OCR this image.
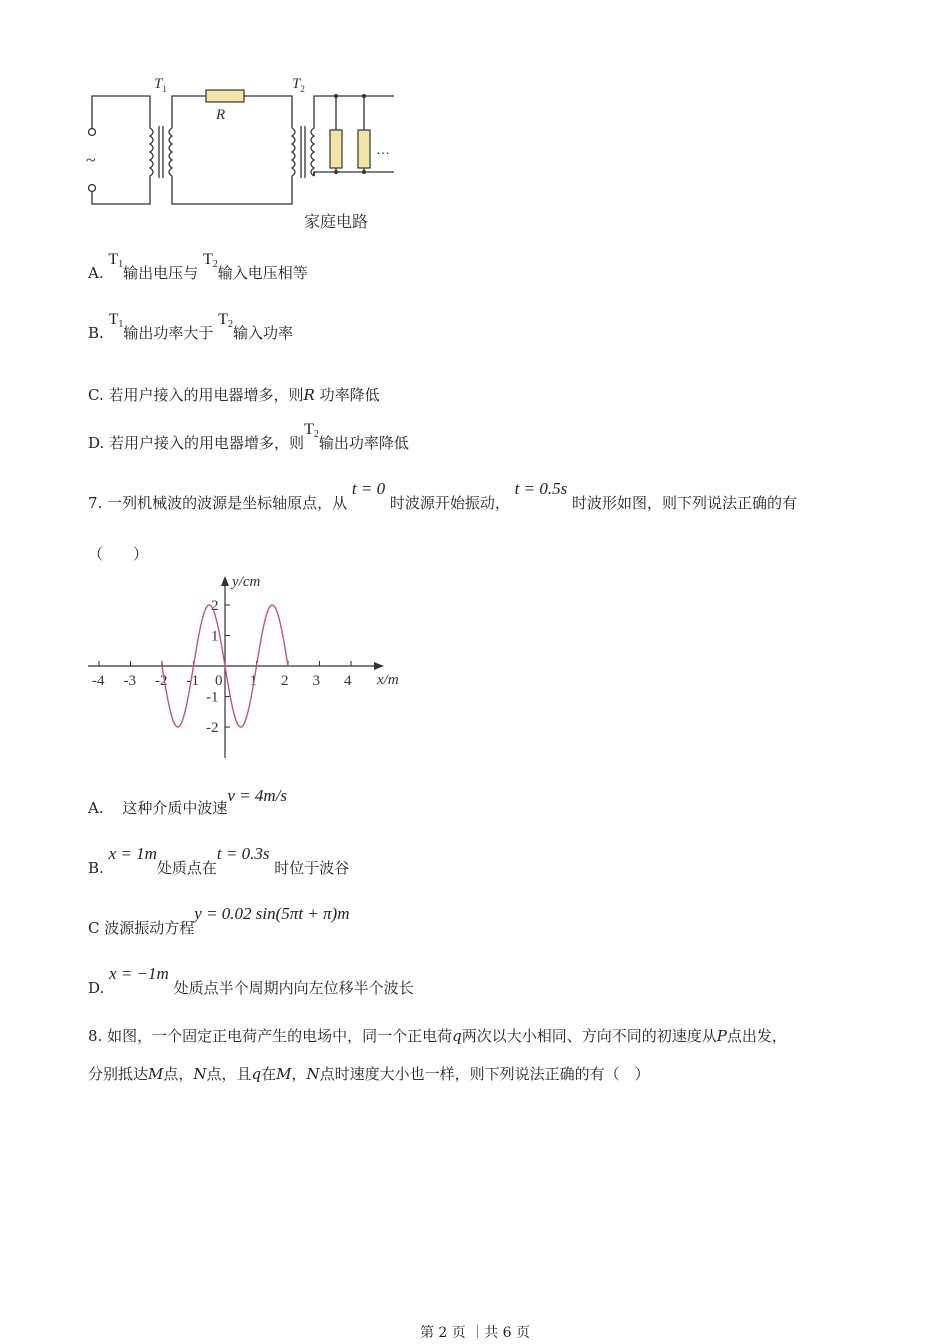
~
$T_1$
R
$T_2$
…
家庭电路
A. $T_1$输出电压与 $T_2$输入电压相等
B. $T_1$输出功率大于 $T_2$输入功率
C. 若用户接入的用电器增多，则R 功率降低
D. 若用户接入的用电器增多，则$T_2$输出功率降低
7. 一列机械波的波源是坐标轴原点，从 t = 0 时波源开始振动， t = 0.5s 时波形如图，则下列说法正确的有
（　　）
x/m
y/cm
-4 -3 -2 -1 0 1 2 3 4
2
1
-1
-2
A. 这种介质中波速v = 4m/s
B. x = 1m处质点在t = 0.3s 时位于波谷
C 波源振动方程y = 0.02 sin(5πt + π)m
D. x = −1m 处质点半个周期内向左位移半个波长
8. 如图，一个固定正电荷产生的电场中，同一个正电荷q两次以大小相同、方向不同的初速度从P点出发，
分别抵达M点，N点，且q在M，N点时速度大小也一样，则下列说法正确的有（　）
第 2 页 ｜共 6 页
